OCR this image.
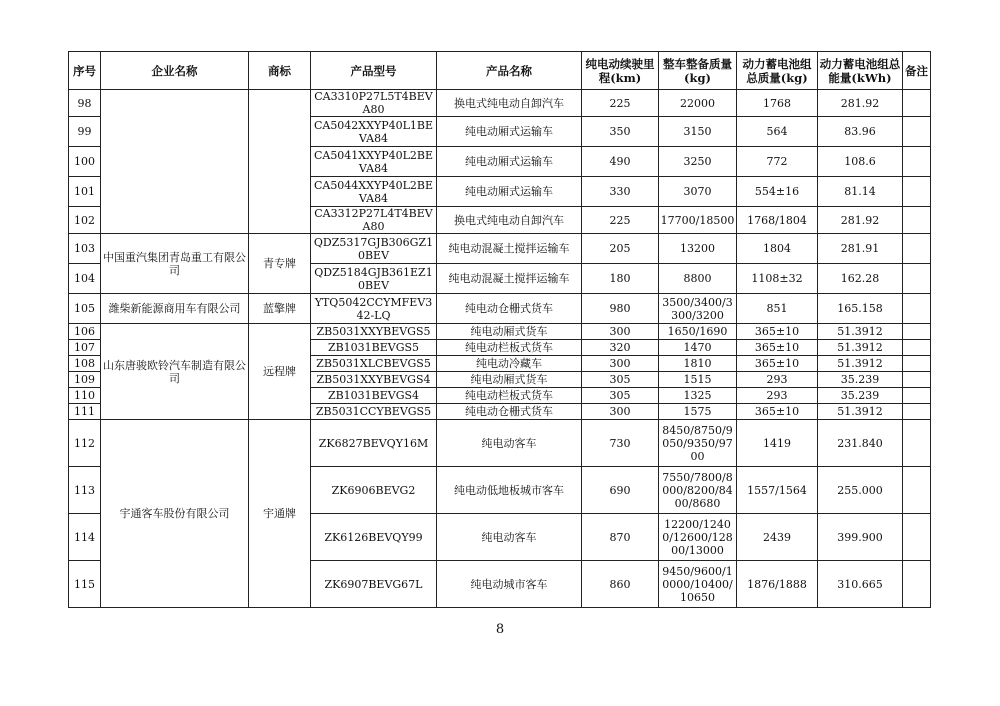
序号	企业名称	商标	产品型号	产品名称	纯电动续驶里程(km)	整车整备质量(kg)	动力蓄电池组总质量(kg)	动力蓄电池组总能量(kWh)	备注
98			CA3310P27L5T4BEVA80	换电式纯电动自卸汽车	225	22000	1768	281.92	
99			CA5042XXYP40L1BEVA84	纯电动厢式运输车	350	3150	564	83.96	
100			CA5041XXYP40L2BEVA84	纯电动厢式运输车	490	3250	772	108.6	
101			CA5044XXYP40L2BEVA84	纯电动厢式运输车	330	3070	554±16	81.14	
102			CA3312P27L4T4BEVA80	换电式纯电动自卸汽车	225	17700/18500	1768/1804	281.92	
103	中国重汽集团青岛重工有限公司	青专牌	QDZ5317GJB306GZ10BEV	纯电动混凝土搅拌运输车	205	13200	1804	281.91	
104			QDZ5184GJB361EZ10BEV	纯电动混凝土搅拌运输车	180	8800	1108±32	162.28	
105	潍柴新能源商用车有限公司	蓝擎牌	YTQ5042CCYMFEV342-LQ	纯电动仓栅式货车	980	3500/3400/3300/3200	851	165.158	
106	山东唐骏欧铃汽车制造有限公司	远程牌	ZB5031XXYBEVGS5	纯电动厢式货车	300	1650/1690	365±10	51.3912	
107			ZB1031BEVGS5	纯电动栏板式货车	320	1470	365±10	51.3912	
108			ZB5031XLCBEVGS5	纯电动冷藏车	300	1810	365±10	51.3912	
109			ZB5031XXYBEVGS4	纯电动厢式货车	305	1515	293	35.239	
110			ZB1031BEVGS4	纯电动栏板式货车	305	1325	293	35.239	
111			ZB5031CCYBEVGS5	纯电动仓栅式货车	300	1575	365±10	51.3912	
112	宇通客车股份有限公司	宇通牌	ZK6827BEVQY16M	纯电动客车	730	8450/8750/9050/9350/9700	1419	231.840	
113			ZK6906BEVG2	纯电动低地板城市客车	690	7550/7800/8000/8200/8400/8680	1557/1564	255.000	
114			ZK6126BEVQY99	纯电动客车	870	12200/12400/12600/12800/13000	2439	399.900	
115			ZK6907BEVG67L	纯电动城市客车	860	9450/9600/10000/10400/10650	1876/1888	310.665	
8
